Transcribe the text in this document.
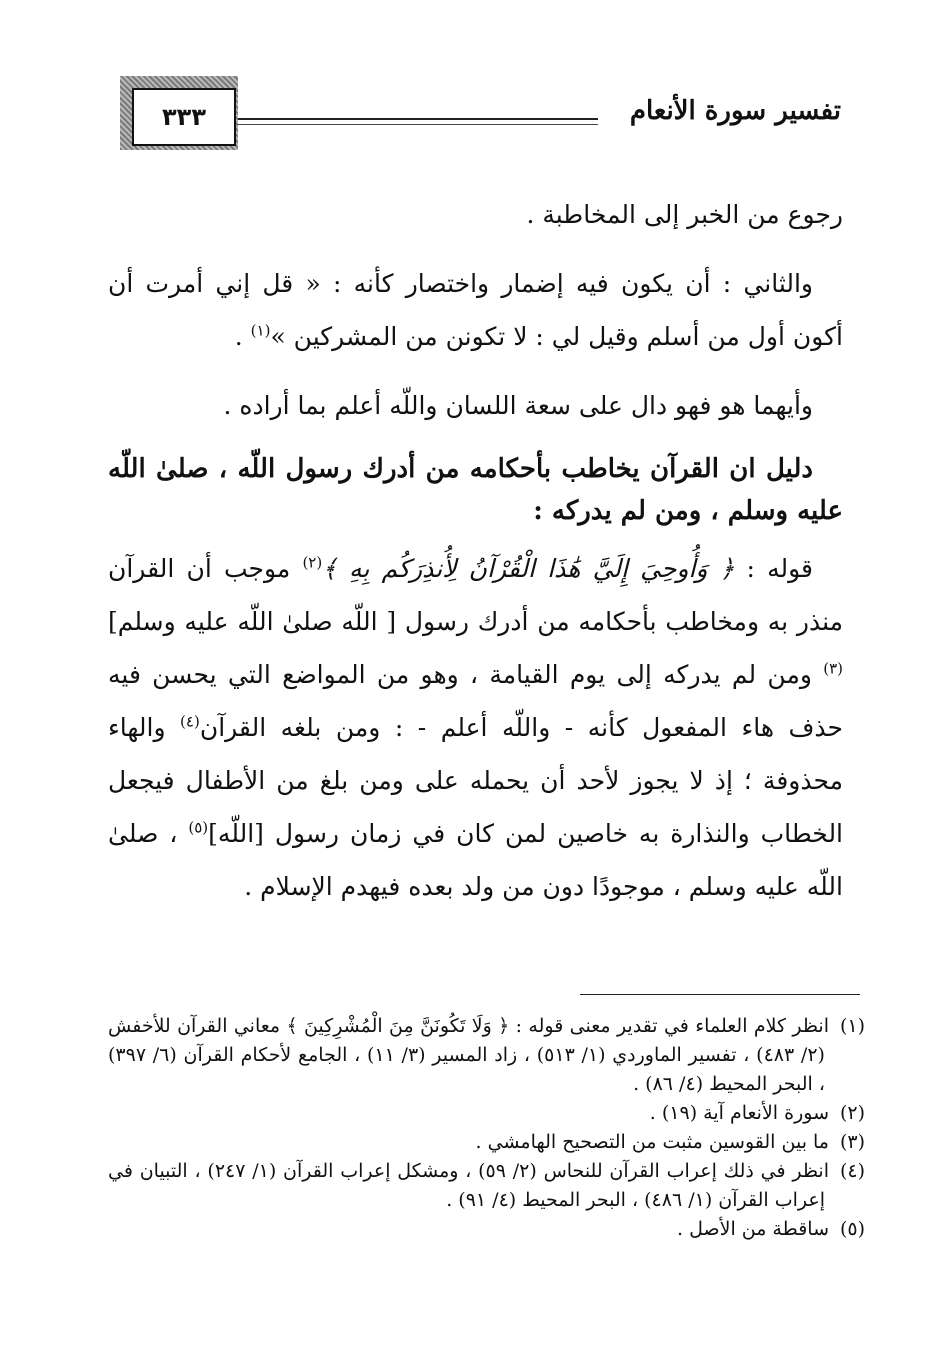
٣٣٣	تفسير سورة الأنعام

رجوع من الخبر إلى المخاطبة .

والثاني : أن يكون فيه إضمار واختصار كأنه : « قل إني أمرت أن أكون أول من أسلم وقيل لي : لا تكونن من المشركين »$^{(١)}$ .

وأيهما هو فهو دال على سعة اللسان واللّه أعلم بما أراده .

دليل ان القرآن يخاطب بأحكامه من أدرك رسول اللّه ، صلىٰ اللّه عليه وسلم ، ومن لم يدركه :

قوله : ﴿ وَأُوحِيَ إِلَيَّ هَٰذَا الْقُرْآنُ لِأُنذِرَكُم بِهِ ﴾$^{(٢)}$ موجب أن القرآن منذر به ومخاطب بأحكامه من أدرك رسول [ اللّه صلىٰ اللّه عليه وسلم]$^{(٣)}$ ومن لم يدركه إلى يوم القيامة ، وهو من المواضع التي يحسن فيه حذف هاء المفعول كأنه - واللّه أعلم - : ومن بلغه القرآن$^{(٤)}$ والهاء محذوفة ؛ إذ لا يجوز لأحد أن يحمله على ومن بلغ من الأطفال فيجعل الخطاب والنذارة به خاصين لمن كان في زمان رسول [اللّه]$^{(٥)}$ ، صلىٰ اللّه عليه وسلم ، موجودًا دون من ولد بعده فيهدم الإسلام .

(١)انظر كلام العلماء في تقدير معنى قوله : ﴿ وَلَا تَكُونَنَّ مِنَ الْمُشْرِكِينَ ﴾ معاني القرآن للأخفش (٢/ ٤٨٣) ، تفسير الماوردي (١/ ٥١٣) ، زاد المسير (٣/ ١١) ، الجامع لأحكام القرآن (٦/ ٣٩٧) ، البحر المحيط (٤/ ٨٦) .

(٢)سورة الأنعام آية (١٩) .

(٣)ما بين القوسين مثبت من التصحيح الهامشي .

(٤)انظر في ذلك إعراب القرآن للنحاس (٢/ ٥٩) ، ومشكل إعراب القرآن (١/ ٢٤٧) ، التبيان في إعراب القرآن (١/ ٤٨٦) ، البحر المحيط (٤/ ٩١) .

(٥)ساقطة من الأصل .
